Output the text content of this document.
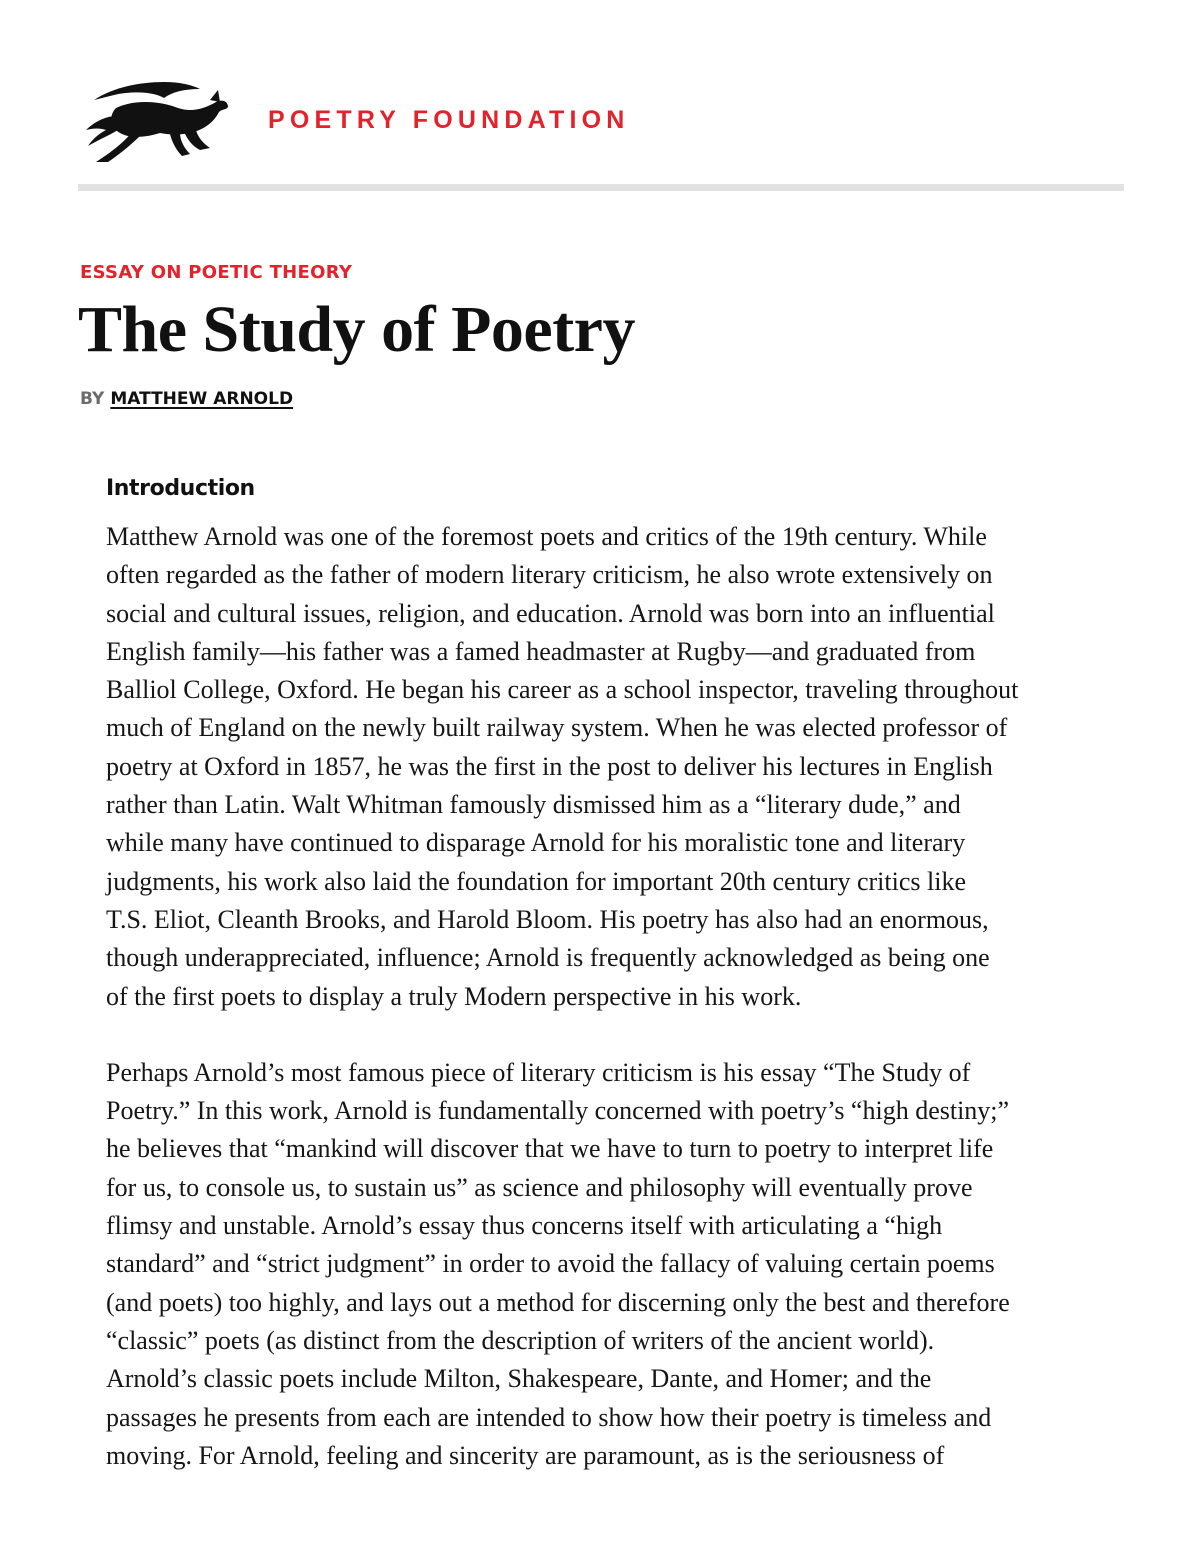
POETRY FOUNDATION
ESSAY ON POETIC THEORY
The Study of Poetry
BY MATTHEW ARNOLD
Introduction

Matthew Arnold was one of the foremost poets and critics of the 19th century. While
often regarded as the father of modern literary criticism, he also wrote extensively on
social and cultural issues, religion, and education. Arnold was born into an influential
English family—his father was a famed headmaster at Rugby—and graduated from
Balliol College, Oxford. He began his career as a school inspector, traveling throughout
much of England on the newly built railway system. When he was elected professor of
poetry at Oxford in 1857, he was the first in the post to deliver his lectures in English
rather than Latin. Walt Whitman famously dismissed him as a “literary dude,” and
while many have continued to disparage Arnold for his moralistic tone and literary
judgments, his work also laid the foundation for important 20th century critics like
T.S. Eliot, Cleanth Brooks, and Harold Bloom. His poetry has also had an enormous,
though underappreciated, influence; Arnold is frequently acknowledged as being one
of the first poets to display a truly Modern perspective in his work.

Perhaps Arnold’s most famous piece of literary criticism is his essay “The Study of
Poetry.” In this work, Arnold is fundamentally concerned with poetry’s “high destiny;”
he believes that “mankind will discover that we have to turn to poetry to interpret life
for us, to console us, to sustain us” as science and philosophy will eventually prove
flimsy and unstable. Arnold’s essay thus concerns itself with articulating a “high
standard” and “strict judgment” in order to avoid the fallacy of valuing certain poems
(and poets) too highly, and lays out a method for discerning only the best and therefore
“classic” poets (as distinct from the description of writers of the ancient world).
Arnold’s classic poets include Milton, Shakespeare, Dante, and Homer; and the
passages he presents from each are intended to show how their poetry is timeless and
moving. For Arnold, feeling and sincerity are paramount, as is the seriousness of
